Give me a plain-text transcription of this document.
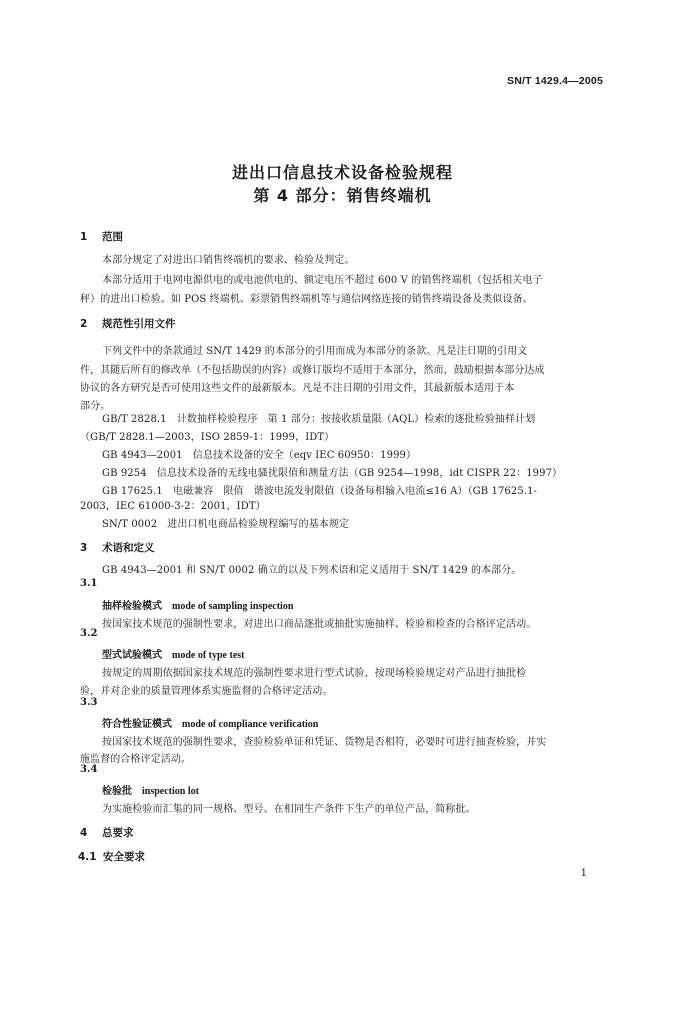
SN/T 1429.4—2005
进出口信息技术设备检验规程
第 4 部分：销售终端机
1 范围
本部分规定了对进出口销售终端机的要求、检验及判定。
本部分适用于电网电源供电的或电池供电的、额定电压不超过 600 V 的销售终端机（包括相关电子
秤）的进出口检验。如 POS 终端机、彩票销售终端机等与通信网络连接的销售终端设备及类似设备。
2 规范性引用文件
下列文件中的条款通过 SN/T 1429 的本部分的引用而成为本部分的条款。凡是注日期的引用文
件，其随后所有的修改单（不包括勘误的内容）或修订版均不适用于本部分，然而，鼓励根据本部分达成
协议的各方研究是否可使用这些文件的最新版本。凡是不注日期的引用文件，其最新版本适用于本
部分。
GB/T 2828.1　计数抽样检验程序　第 1 部分：按接收质量限（AQL）检索的逐批检验抽样计划
（GB/T 2828.1—2003，ISO 2859-1：1999，IDT）
GB 4943—2001　信息技术设备的安全（eqv IEC 60950：1999）
GB 9254　信息技术设备的无线电骚扰限值和测量方法（GB 9254—1998，idt CISPR 22：1997）
GB 17625.1　电磁兼容　限值　谐波电流发射限值（设备每相输入电流≤16 A）（GB 17625.1-
2003，IEC 61000-3-2：2001，IDT）
SN/T 0002　进出口机电商品检验规程编写的基本规定
3 术语和定义
GB 4943—2001 和 SN/T 0002 确立的以及下列术语和定义适用于 SN/T 1429 的本部分。
3.1
抽样检验模式 mode of sampling inspection
按国家技术规范的强制性要求，对进出口商品逐批或抽批实施抽样、检验和检查的合格评定活动。
3.2
型式试验模式 mode of type test
按规定的周期依据国家技术规范的强制性要求进行型式试验，按现场检验规定对产品进行抽批检
验，并对企业的质量管理体系实施监督的合格评定活动。
3.3
符合性验证模式 mode of compliance verification
按国家技术规范的强制性要求，查验检验单证和凭证、货物是否相符，必要时可进行抽查检验，并实
施监督的合格评定活动。
3.4
检验批 inspection lot
为实施检验而汇集的同一规格、型号、在相同生产条件下生产的单位产品，简称批。
4 总要求
4.1 安全要求
1
